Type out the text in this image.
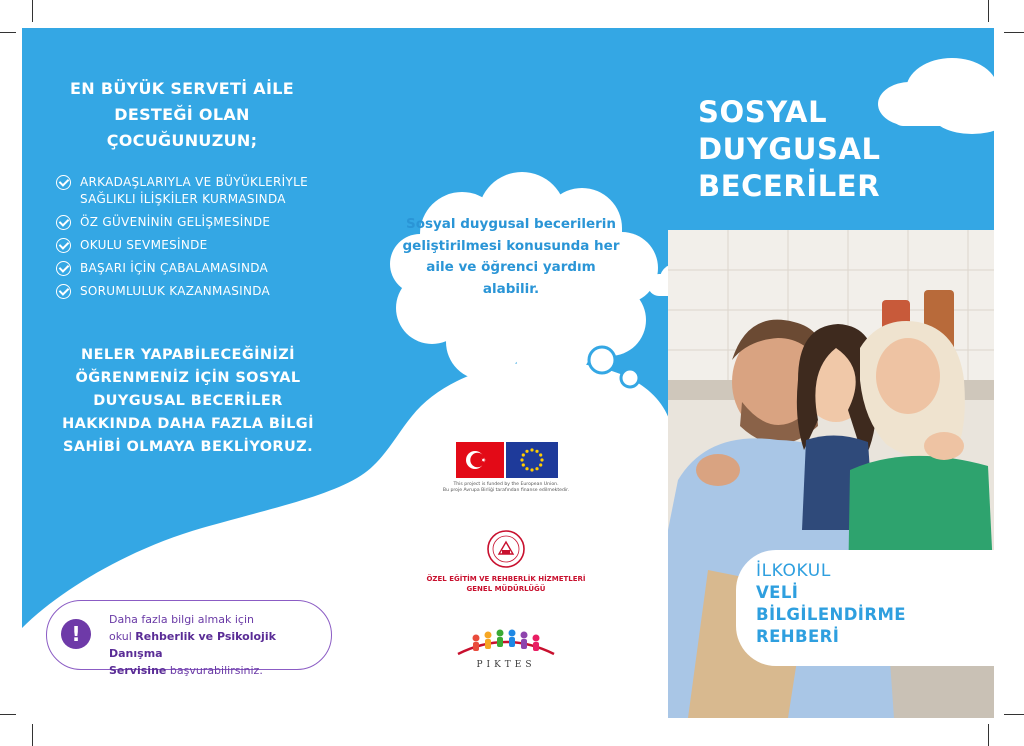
EN BÜYÜK SERVETİ AİLE DESTEĞİ OLAN ÇOCUĞUNUZUN;
ARKADAŞLARIYLA VE BÜYÜKLERİYLE SAĞLIKLI İLİŞKİLER KURMASINDA
ÖZ GÜVENİNİN GELİŞMESİNDE
OKULU SEVMESİNDE
BAŞARI İÇİN ÇABALAMASINDA
SORUMLULUK KAZANMASINDA
NELER YAPABİLECEĞİNİZİ ÖĞRENMENİZ İÇİN SOSYAL DUYGUSAL BECERİLER HAKKINDA DAHA FAZLA BİLGİ SAHİBİ OLMAYA BEKLİYORUZ.
!
Daha fazla bilgi almak için
okul Rehberlik ve Psikolojik Danışma
Servisine başvurabilirsiniz.
Sosyal duygusal becerilerin geliştirilmesi konusunda her aile ve öğrenci yardım alabilir.
This project is funded by the European Union.
Bu proje Avrupa Birliği tarafından finanse edilmektedir.
ÖZEL EĞİTİM VE REHBERLİK HİZMETLERİ GENEL MÜDÜRLÜĞÜ
PIKTES
SOSYAL
DUYGUSAL
BECERİLER
İLKOKUL
VELİ
BİLGİLENDİRME
REHBERİ
